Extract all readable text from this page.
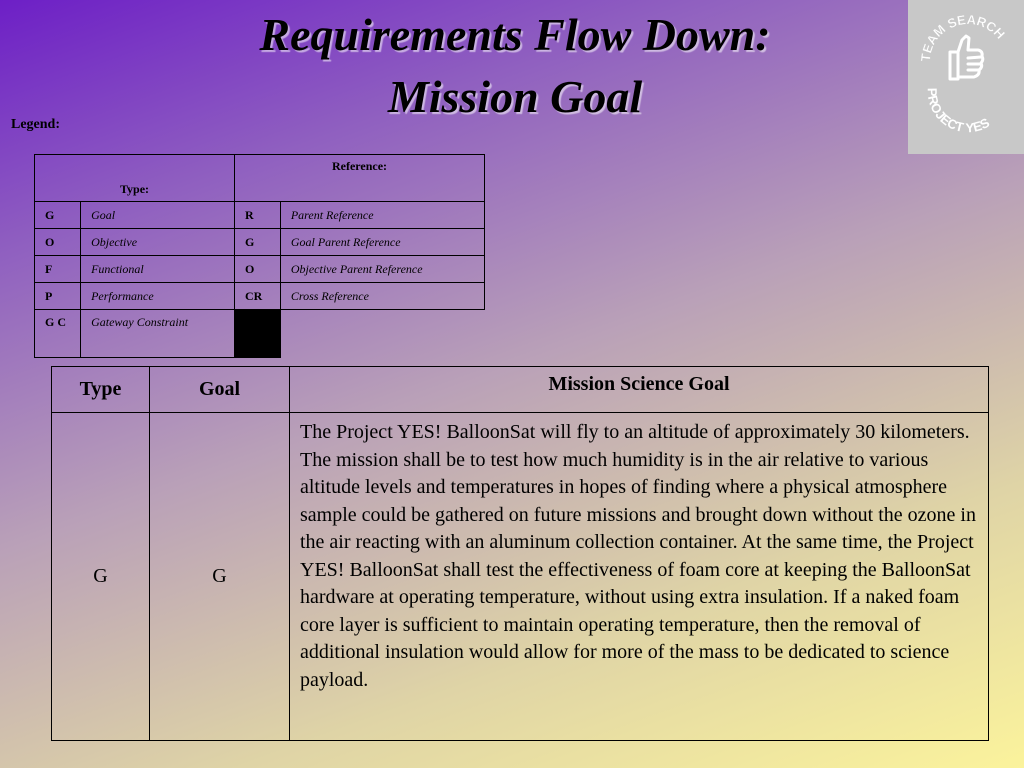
Requirements Flow Down:
Mission Goal
TEAM SEARCH
PROJECT YES
Legend:
Type:		Reference:	
G	Goal	R	Parent Reference
O	Objective	G	Goal Parent Reference
F	Functional	O	Objective Parent Reference
P	Performance	CR	Cross Reference
G C	Gateway Constraint		
Type	Goal	Mission Science Goal
G	G	The Project YES! BalloonSat will fly to an altitude of approximately 30 kilometers. The mission shall be to test how much humidity is in the air relative to various altitude levels and temperatures in hopes of finding where a physical atmosphere sample could be gathered on future missions and brought down without the ozone in the air reacting with an aluminum collection container. At the same time, the Project YES! BalloonSat shall test the effectiveness of foam core at keeping the BalloonSat hardware at operating temperature, without using extra insulation. If a naked foam core layer is sufficient to maintain operating temperature, then the removal of additional insulation would allow for more of the mass to be dedicated to science payload.
